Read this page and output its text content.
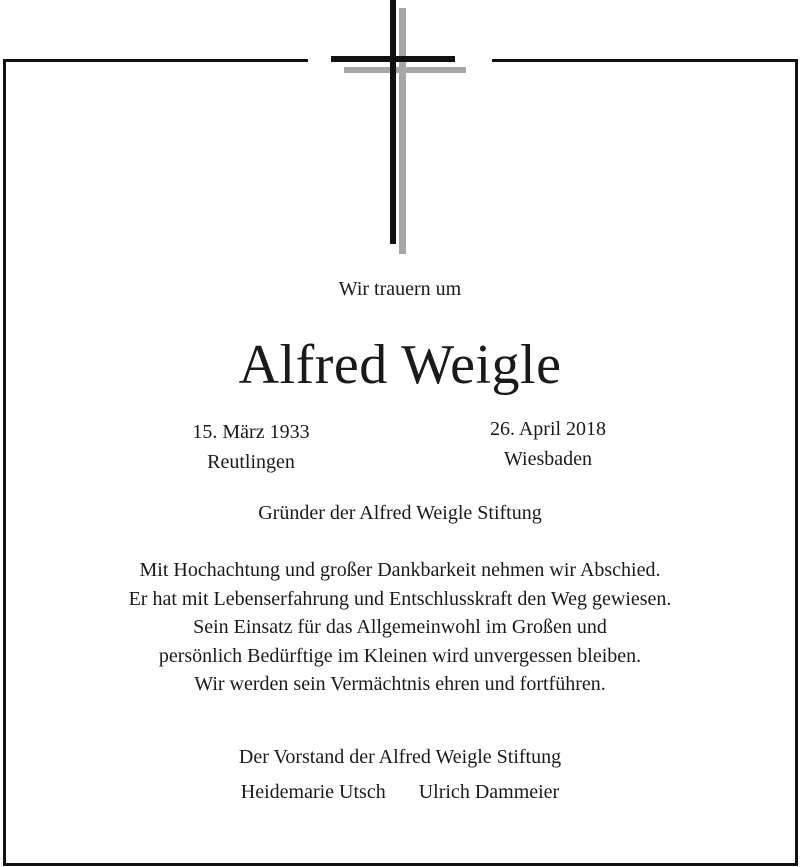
Wir trauern um
Alfred Weigle
15. März 1933
Reutlingen
26. April 2018
Wiesbaden
Gründer der Alfred Weigle Stiftung
Mit Hochachtung und großer Dankbarkeit nehmen wir Abschied.
Er hat mit Lebenserfahrung und Entschlusskraft den Weg gewiesen.
Sein Einsatz für das Allgemeinwohl im Großen und
persönlich Bedürftige im Kleinen wird unvergessen bleiben.
Wir werden sein Vermächtnis ehren und fortführen.
Der Vorstand der Alfred Weigle Stiftung
Heidemarie Utsch Ulrich Dammeier
